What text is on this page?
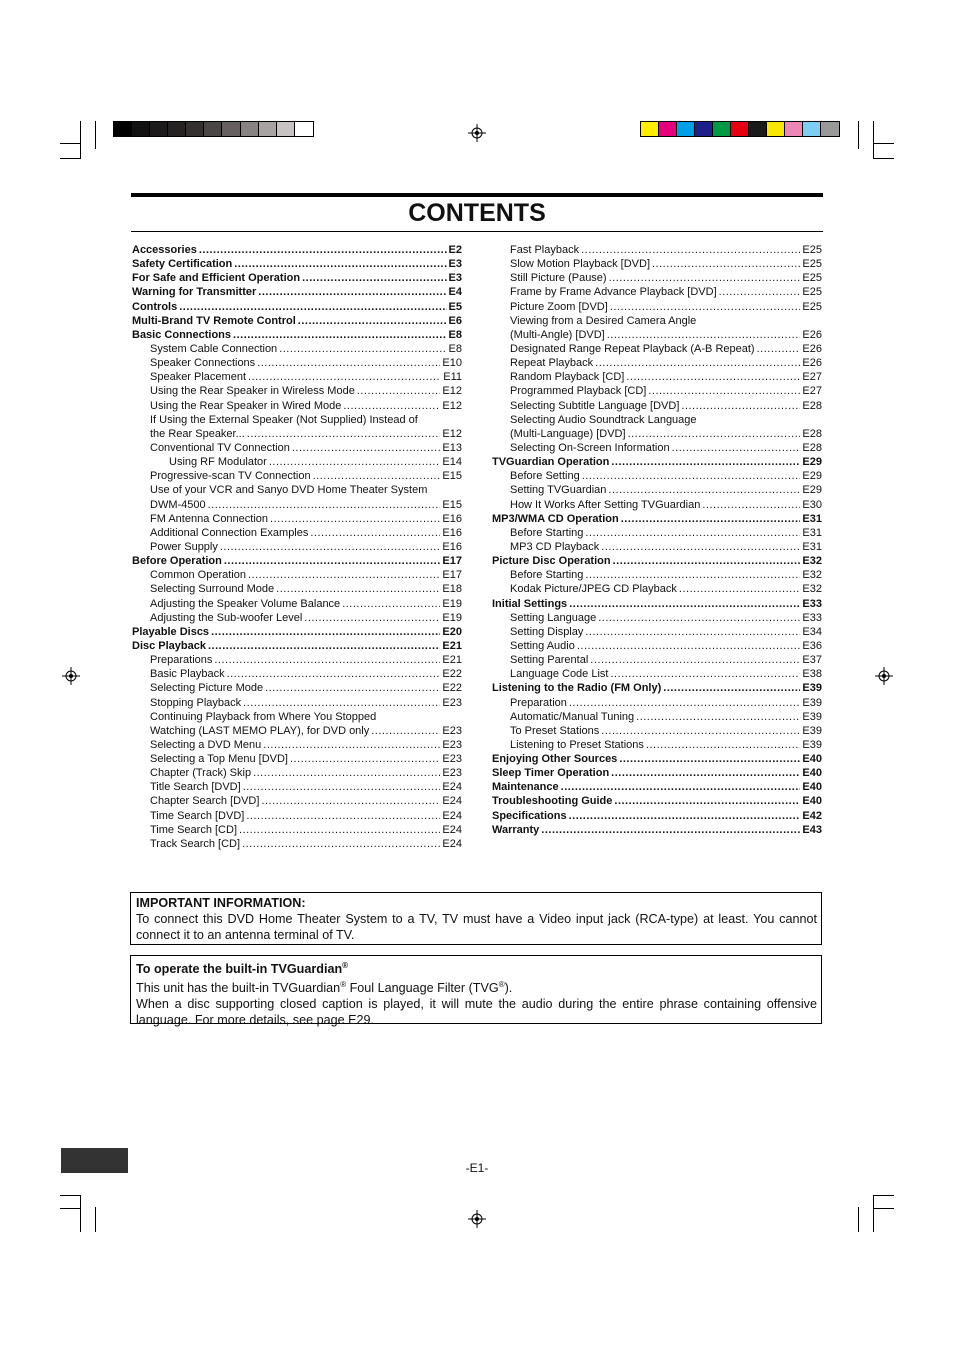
CONTENTS
Accessories .....	E2
Safety Certification .....	E3
For Safe and Efficient Operation .....	E3
Warning for Transmitter .....	E4
Controls .....	E5
Multi-Brand TV Remote Control .....	E6
Basic Connections .....	E8
System Cable Connection .....	E8
Speaker Connections .....	E10
Speaker Placement .....	E11
Using the Rear Speaker in Wireless Mode .....	E12
Using the Rear Speaker in Wired Mode .....	E12
If Using the External Speaker (Not Supplied) Instead of
the Rear Speaker... .....	E12
Conventional TV Connection .....	E13
Using RF Modulator .....	E14
Progressive-scan TV Connection .....	E15
Use of your VCR and Sanyo DVD Home Theater System
DWM-4500 .....	E15
FM Antenna Connection .....	E16
Additional Connection Examples .....	E16
Power Supply .....	E16
Before Operation .....	E17
Common Operation .....	E17
Selecting Surround Mode .....	E18
Adjusting the Speaker Volume Balance .....	E19
Adjusting the Sub-woofer Level .....	E19
Playable Discs .....	E20
Disc Playback .....	E21
Preparations .....	E21
Basic Playback .....	E22
Selecting Picture Mode .....	E22
Stopping Playback .....	E23
Continuing Playback from Where You Stopped
Watching (LAST MEMO PLAY), for DVD only .....	E23
Selecting a DVD Menu .....	E23
Selecting a Top Menu [DVD] .....	E23
Chapter (Track) Skip .....	E23
Title Search [DVD] .....	E24
Chapter Search [DVD] .....	E24
Time Search [DVD] .....	E24
Time Search [CD] .....	E24
Track Search [CD] .....	E24
Fast Playback .....	E25
Slow Motion Playback [DVD] .....	E25
Still Picture (Pause) .....	E25
Frame by Frame Advance Playback [DVD] .....	E25
Picture Zoom [DVD] .....	E25
Viewing from a Desired Camera Angle
(Multi-Angle) [DVD] .....	E26
Designated Range Repeat Playback (A-B Repeat) .....	E26
Repeat Playback .....	E26
Random Playback [CD] .....	E27
Programmed Playback [CD] .....	E27
Selecting Subtitle Language [DVD] .....	E28
Selecting Audio Soundtrack Language
(Multi-Language) [DVD] .....	E28
Selecting On-Screen Information .....	E28
TVGuardian Operation .....	E29
Before Setting .....	E29
Setting TVGuardian .....	E29
How It Works After Setting TVGuardian .....	E30
MP3/WMA CD Operation .....	E31
Before Starting .....	E31
MP3 CD Playback .....	E31
Picture Disc Operation .....	E32
Before Starting .....	E32
Kodak Picture/JPEG CD Playback .....	E32
Initial Settings .....	E33
Setting Language .....	E33
Setting Display .....	E34
Setting Audio .....	E36
Setting Parental .....	E37
Language Code List .....	E38
Listening to the Radio (FM Only) .....	E39
Preparation .....	E39
Automatic/Manual Tuning .....	E39
To Preset Stations .....	E39
Listening to Preset Stations .....	E39
Enjoying Other Sources .....	E40
Sleep Timer Operation .....	E40
Maintenance .....	E40
Troubleshooting Guide .....	E40
Specifications .....	E42
Warranty .....	E43

IMPORTANT INFORMATION:

To connect this DVD Home Theater System to a TV, TV must have a Video input jack (RCA-type) at least. You cannot connect it to an antenna terminal of TV.

To operate the built-in TVGuardian®

This unit has the built-in TVGuardian® Foul Language Filter (TVG®).

When a disc supporting closed caption is played, it will mute the audio during the entire phrase containing offensive language. For more details, see page E29.

-E1-
